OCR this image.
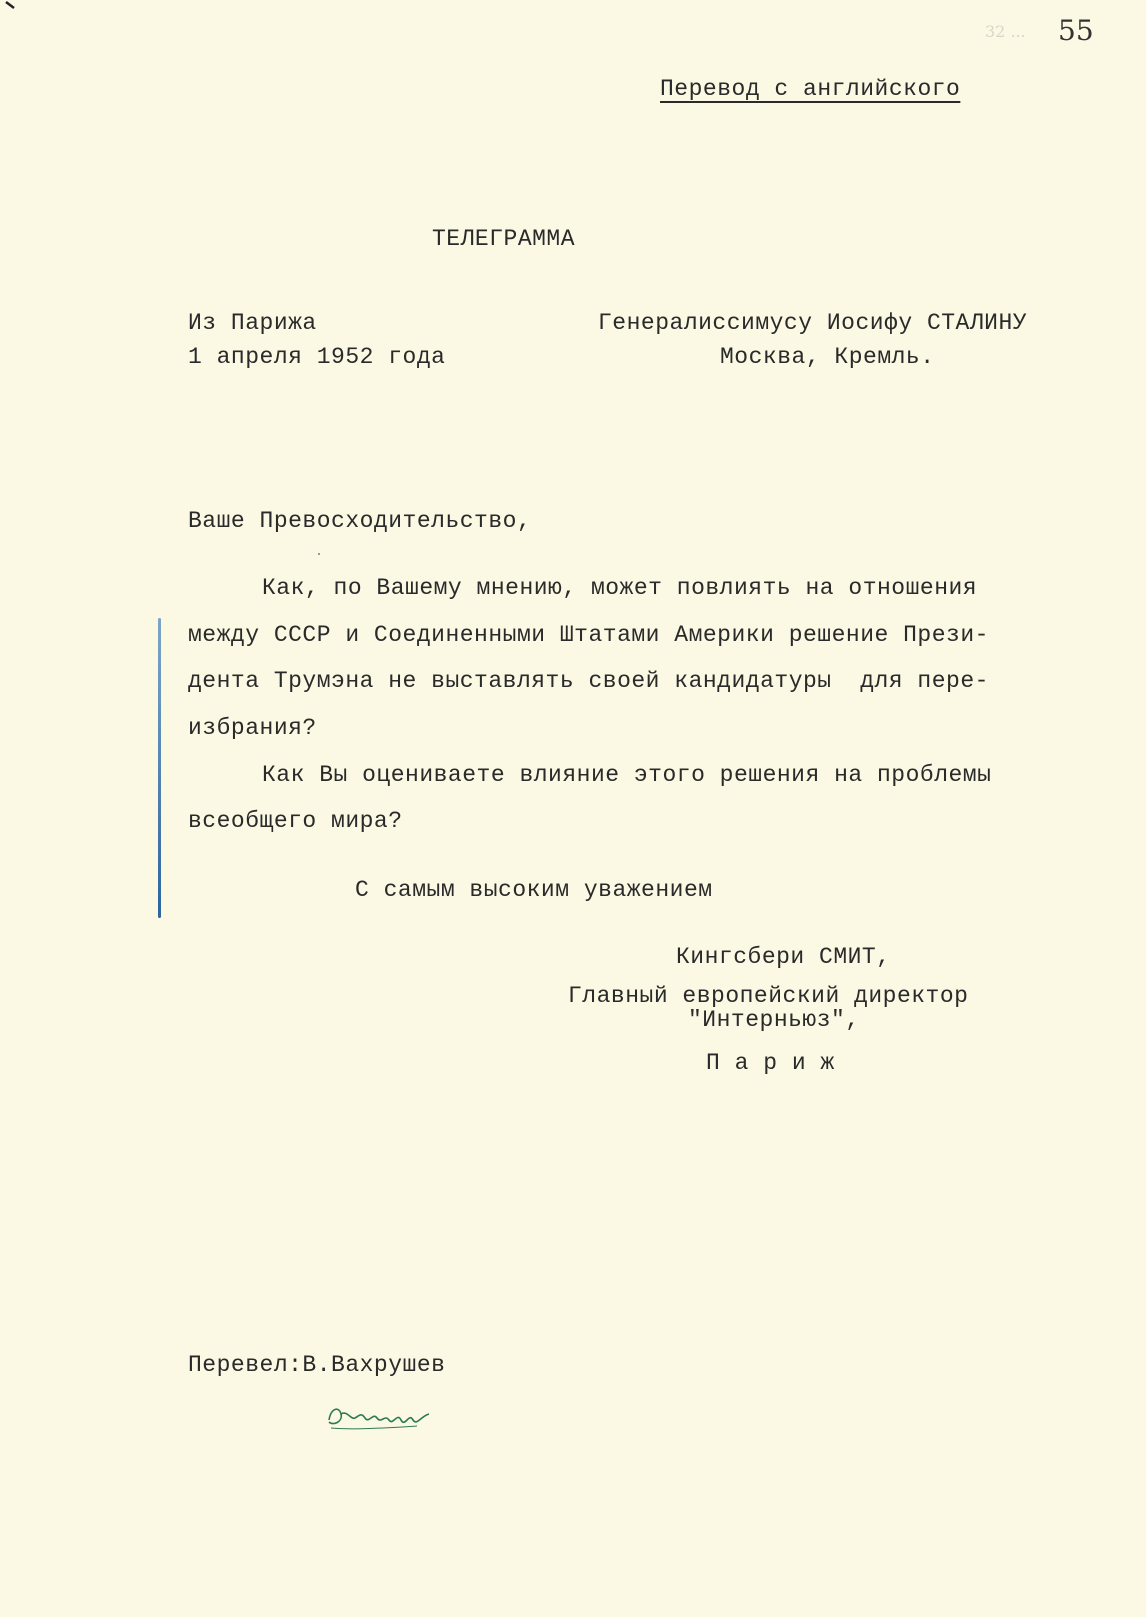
32 ... 55
Перевод с английского
ТЕЛЕГРАММА
Из Парижа
1 апреля 1952 года
Генералиссимусу Иосифу СТАЛИНУ
Москва, Кремль.
Ваше Превосходительство,
Как, по Вашему мнению, может повлиять на отношения
между СССР и Соединенными Штатами Америки решение Прези-
дента Трумэна не выставлять своей кандидатуры  для пере-
избрания?
Как Вы оцениваете влияние этого решения на проблемы
всеобщего мира?
С самым высоким уважением
Кингсбери СМИТ,
Главный европейский директор
"Интерньюз",
П а р и ж
Перевел:В.Вахрушев
